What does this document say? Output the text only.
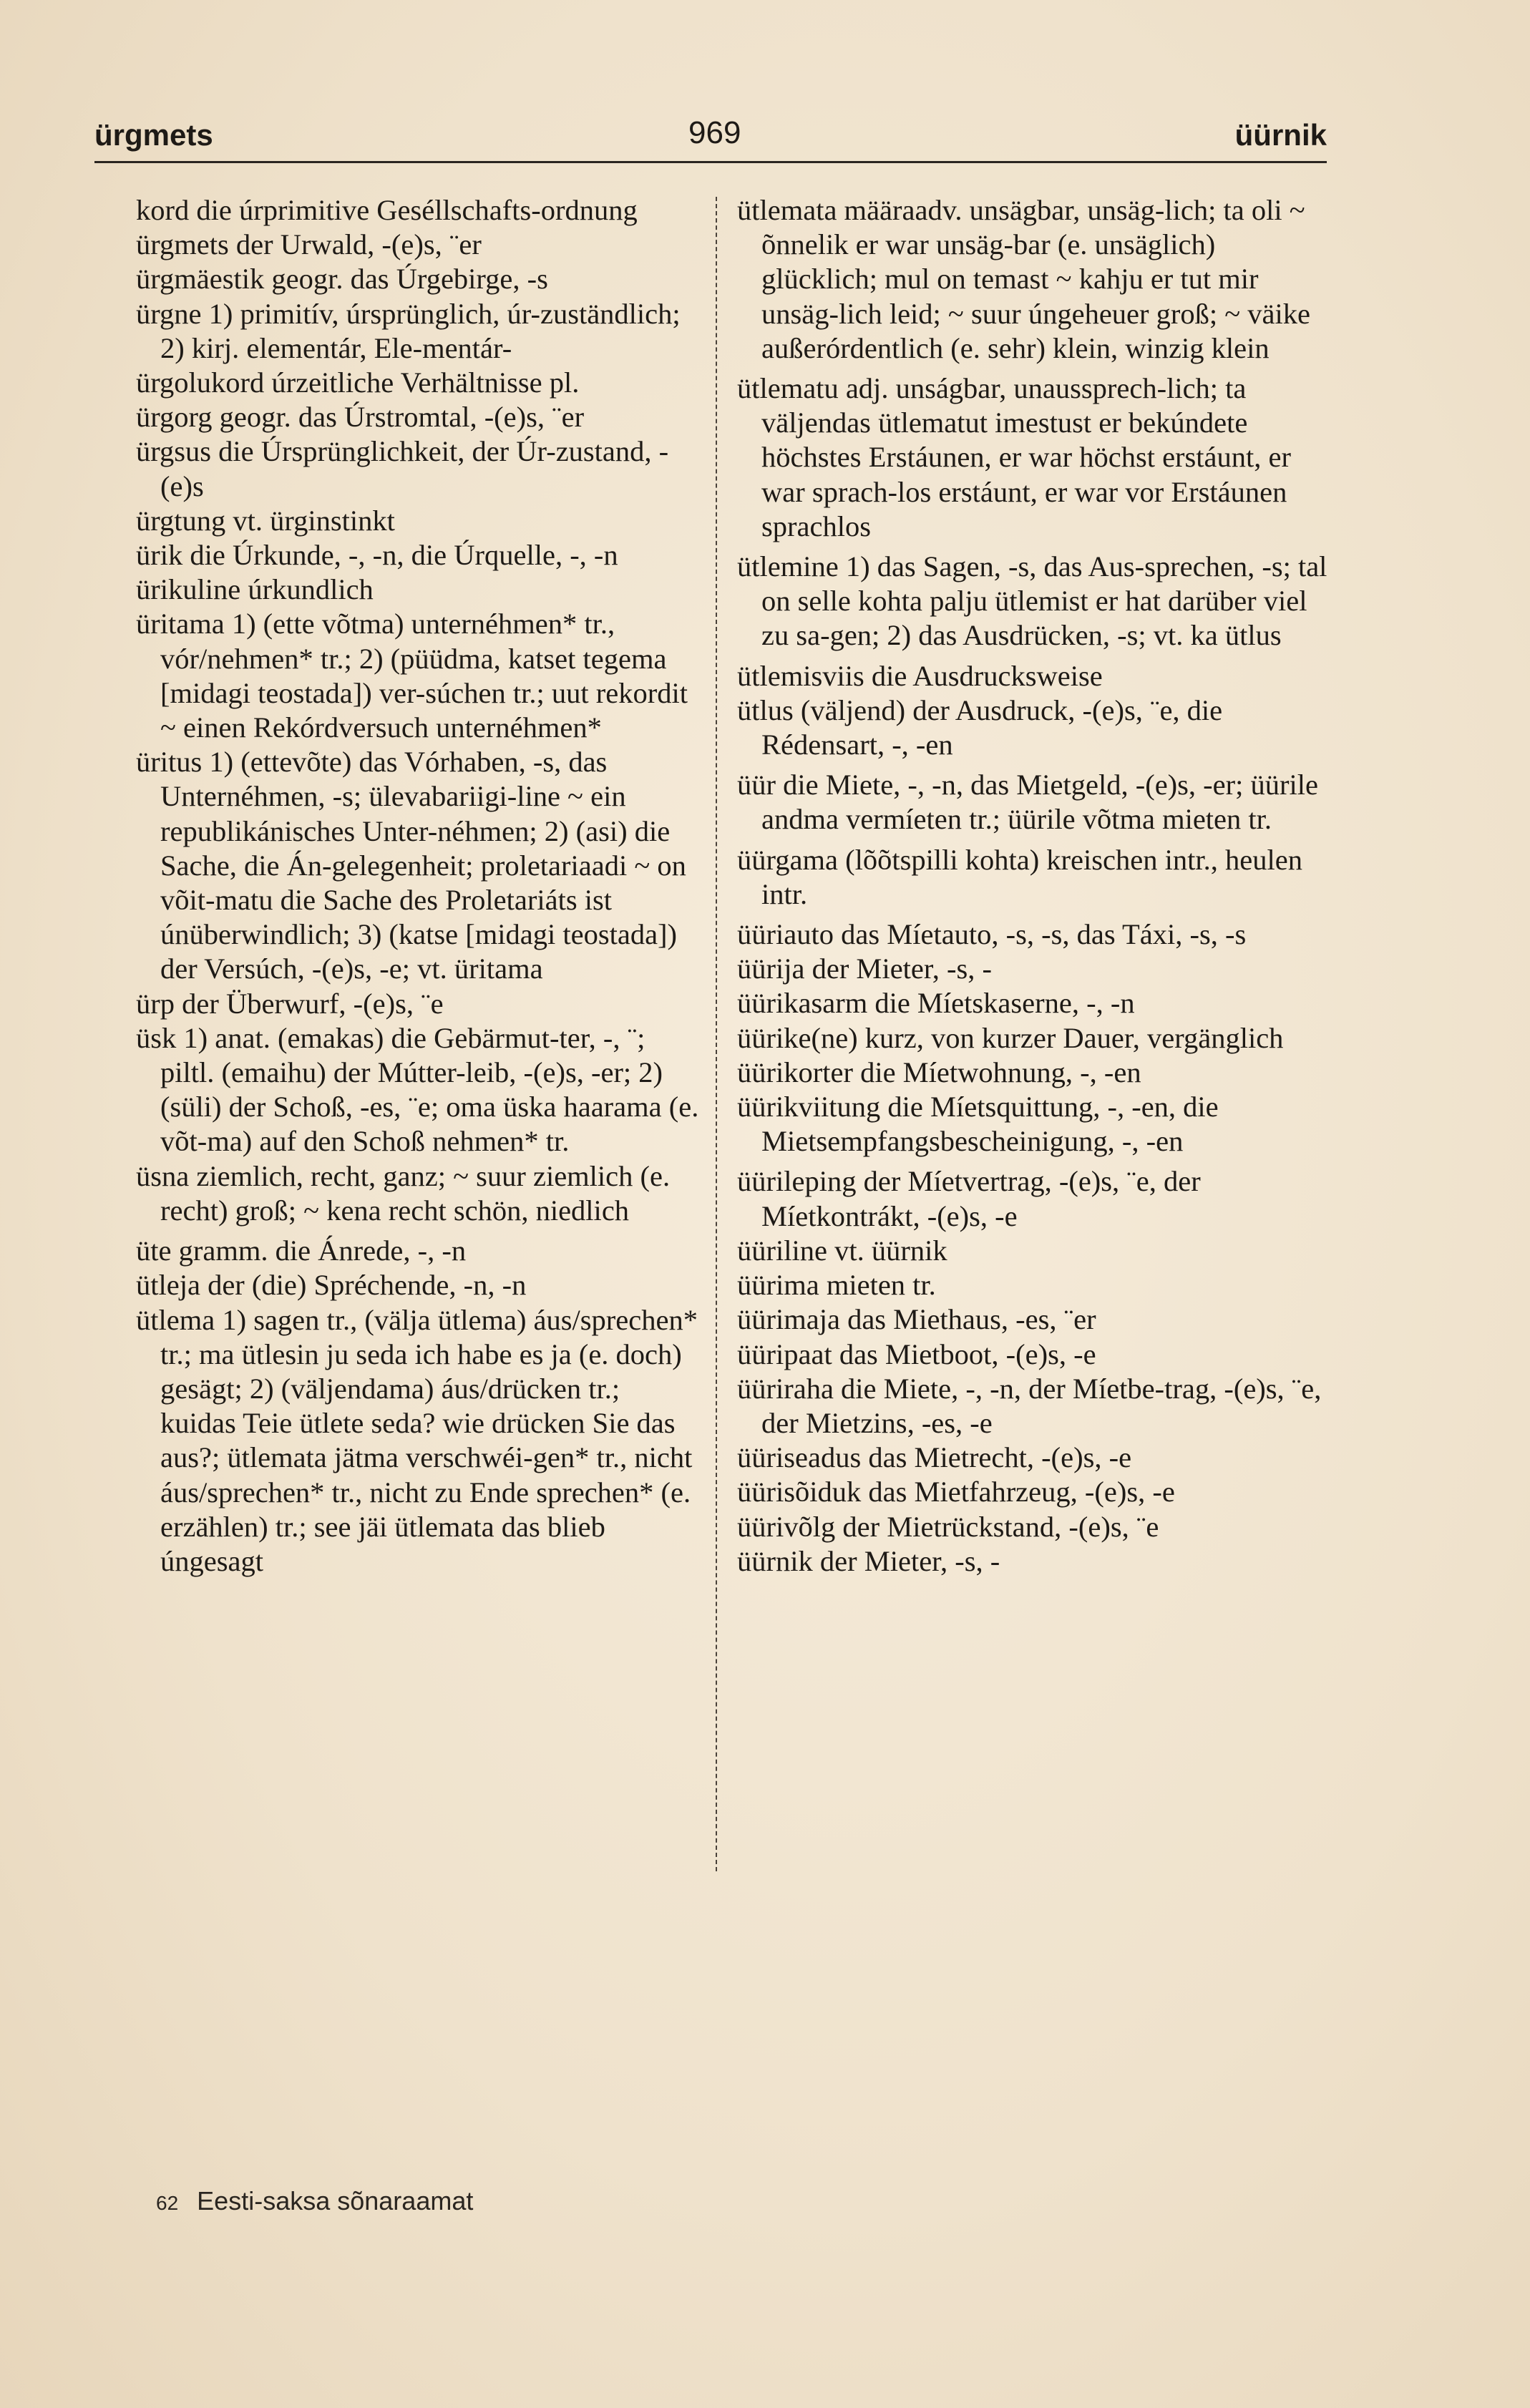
ürgmets	969	üürnik

kord die úrprimitive Geséllschafts-ordnung

ürgmets der Urwald, -(e)s, ¨er

ürgmäestik geogr. das Úrgebirge, -s

ürgne 1) primitív, úrsprünglich, úr-zuständlich; 2) kirj. elementár, Ele-mentár-

ürgolukord úrzeitliche Verhältnisse pl.

ürgorg geogr. das Úrstromtal, -(e)s, ¨er

ürgsus die Úrsprünglichkeit, der Úr-zustand, -(e)s

ürgtung vt. ürginstinkt

ürik die Úrkunde, -, -n, die Úrquelle, -, -n

ürikuline úrkundlich

üritama 1) (ette võtma) unternéhmen* tr., vór/nehmen* tr.; 2) (püüdma, katset tegema [midagi teostada]) ver-súchen tr.; uut rekordit ~ einen Rekórdversuch unternéhmen*

üritus 1) (ettevõte) das Vórhaben, -s, das Unternéhmen, -s; ülevabariigi-line ~ ein republikánisches Unter-néhmen; 2) (asi) die Sache, die Án-gelegenheit; proletariaadi ~ on võit-matu die Sache des Proletariáts ist únüberwindlich; 3) (katse [midagi teostada]) der Versúch, -(e)s, -e; vt. üritama

ürp der Überwurf, -(e)s, ¨e

üsk 1) anat. (emakas) die Gebärmut-ter, -, ¨; piltl. (emaihu) der Mútter-leib, -(e)s, -er; 2) (süli) der Schoß, -es, ¨e; oma üska haarama (e. võt-ma) auf den Schoß nehmen* tr.

üsna ziemlich, recht, ganz; ~ suur ziemlich (e. recht) groß; ~ kena recht schön, niedlich

üte gramm. die Ánrede, -, -n

ütleja der (die) Spréchende, -n, -n

ütlema 1) sagen tr., (välja ütlema) áus/sprechen* tr.; ma ütlesin ju seda ich habe es ja (e. doch) gesägt; 2) (väljendama) áus/drücken tr.; kuidas Teie ütlete seda? wie drücken Sie das aus?; ütlemata jätma verschwéi-gen* tr., nicht áus/sprechen* tr., nicht zu Ende sprechen* (e. erzählen) tr.; see jäi ütlemata das blieb úngesagt

ütlemata määraadv. unsägbar, unsäg-lich; ta oli ~ õnnelik er war unsäg-bar (e. unsäglich) glücklich; mul on temast ~ kahju er tut mir unsäg-lich leid; ~ suur úngeheuer groß; ~ väike außerórdentlich (e. sehr) klein, winzig klein

ütlematu adj. unságbar, unaussprech-lich; ta väljendas ütlematut imestust er bekúndete höchstes Erstáunen, er war höchst erstáunt, er war sprach-los erstáunt, er war vor Erstáunen sprachlos

ütlemine 1) das Sagen, -s, das Aus-sprechen, -s; tal on selle kohta palju ütlemist er hat darüber viel zu sa-gen; 2) das Ausdrücken, -s; vt. ka ütlus

ütlemisviis die Ausdrucksweise

ütlus (väljend) der Ausdruck, -(e)s, ¨e, die Rédensart, -, -en

üür die Miete, -, -n, das Mietgeld, -(e)s, -er; üürile andma vermíeten tr.; üürile võtma mieten tr.

üürgama (lõõtspilli kohta) kreischen intr., heulen intr.

üüriauto das Míetauto, -s, -s, das Táxi, -s, -s

üürija der Mieter, -s, -

üürikasarm die Míetskaserne, -, -n

üürike(ne) kurz, von kurzer Dauer, vergänglich

üürikorter die Míetwohnung, -, -en

üürikviitung die Míetsquittung, -, -en, die Mietsempfangsbescheinigung, -, -en

üürileping der Míetvertrag, -(e)s, ¨e, der Míetkontrákt, -(e)s, -e

üüriline vt. üürnik

üürima mieten tr.

üürimaja das Miethaus, -es, ¨er

üüripaat das Mietboot, -(e)s, -e

üüriraha die Miete, -, -n, der Míetbe-trag, -(e)s, ¨e, der Mietzins, -es, -e

üüriseadus das Mietrecht, -(e)s, -e

üürisõiduk das Mietfahrzeug, -(e)s, -e

üürivõlg der Mietrückstand, -(e)s, ¨e

üürnik der Mieter, -s, -

62 Eesti-saksa sõnaraamat
